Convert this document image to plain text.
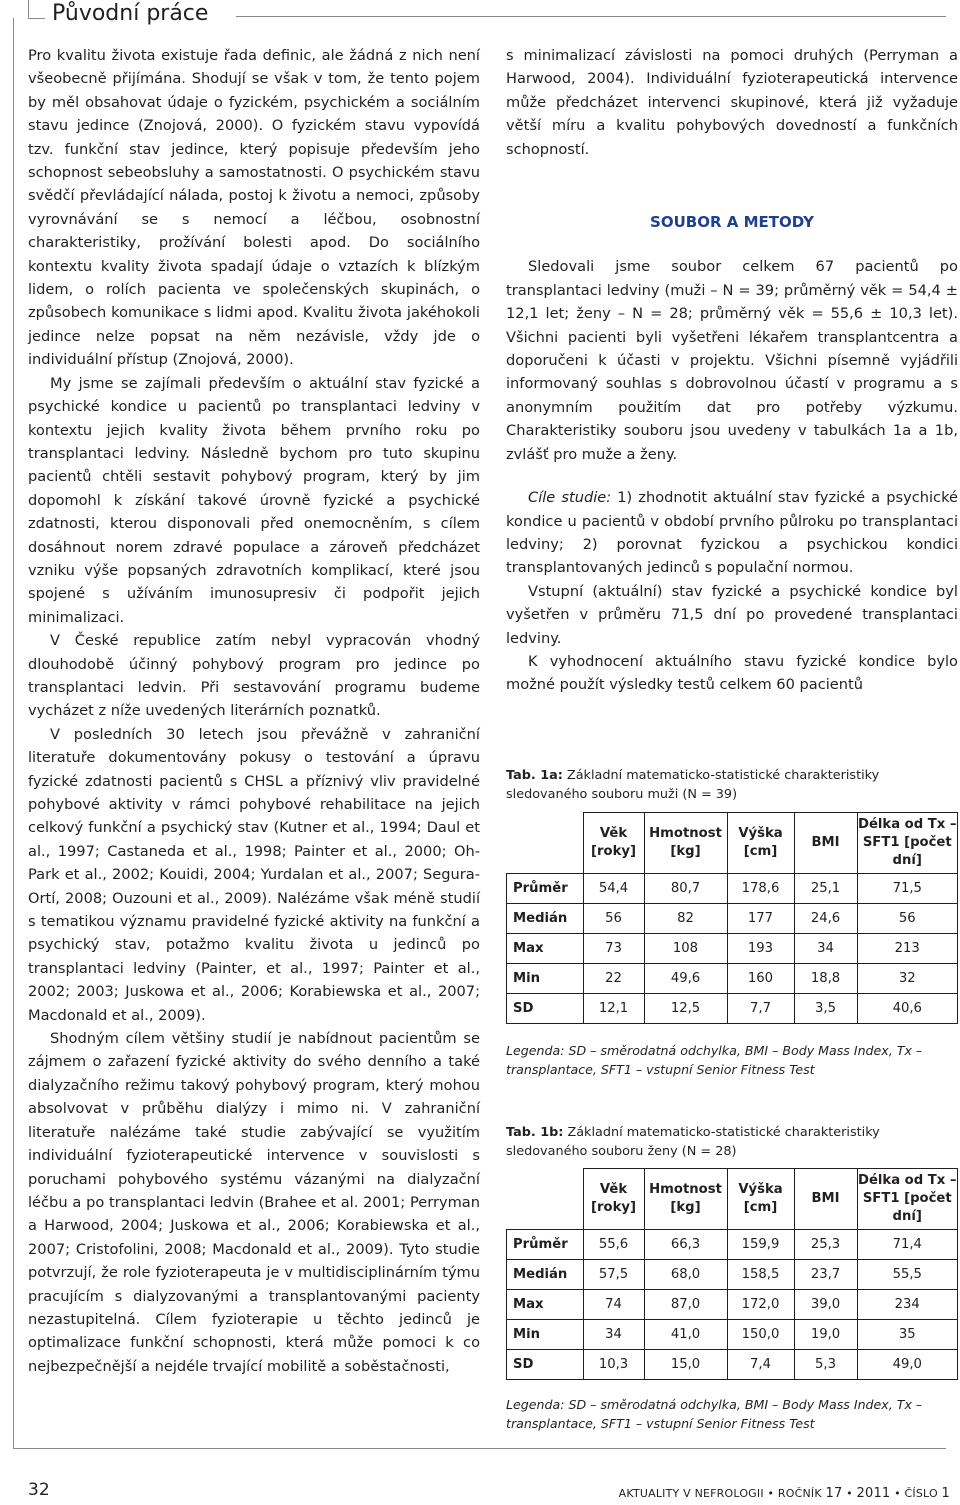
Původní práce

Pro kvalitu života existuje řada definic, ale žádná z nich není všeobecně přijímána. Shodují se však v tom, že tento pojem by měl obsahovat údaje o fyzickém, psychickém a sociálním stavu jedince (Znojová, 2000). O fyzickém stavu vypovídá tzv. funkční stav jedince, který popisuje především jeho schopnost sebeobsluhy a samostatnosti. O psychickém stavu svědčí převládající nálada, postoj k životu a nemoci, způsoby vyrovnávání se s nemocí a léčbou, osobnostní charakteristiky, prožívání bolesti apod. Do sociálního kontextu kvality života spadají údaje o vztazích k blízkým lidem, o rolích pacienta ve společenských skupinách, o způsobech komunikace s lidmi apod. Kvalitu života jakéhokoli jedince nelze popsat na něm nezávisle, vždy jde o individuální přístup (Znojová, 2000).

My jsme se zajímali především o aktuální stav fyzické a psychické kondice u pacientů po transplantaci ledviny v kontextu jejich kvality života během prvního roku po transplantaci ledviny. Následně bychom pro tuto skupinu pacientů chtěli sestavit pohybový program, který by jim dopomohl k získání takové úrovně fyzické a psychické zdatnosti, kterou disponovali před onemocněním, s cílem dosáhnout norem zdravé populace a zároveň předcházet vzniku výše popsaných zdravotních komplikací, které jsou spojené s užíváním imunosupresiv či podpořit jejich minimalizaci.

V České republice zatím nebyl vypracován vhodný dlouhodobě účinný pohybový program pro jedince po transplantaci ledvin. Při sestavování programu budeme vycházet z níže uvedených literárních poznatků.

V posledních 30 letech jsou převážně v zahraniční literatuře dokumentovány pokusy o testování a úpravu fyzické zdatnosti pacientů s CHSL a příznivý vliv pravidelné pohybové aktivity v rámci pohybové rehabilitace na jejich celkový funkční a psychický stav (Kutner et al., 1994; Daul et al., 1997; Castaneda et al., 1998; Painter et al., 2000; Oh-Park et al., 2002; Kouidi, 2004; Yurdalan et al., 2007; Segura-Ortí, 2008; Ouzouni et al., 2009). Nalézáme však méně studií s tematikou významu pravidelné fyzické aktivity na funkční a psychický stav, potažmo kvalitu života u jedinců po transplantaci ledviny (Painter, et al., 1997; Painter et al., 2002; 2003; Juskowa et al., 2006; Korabiewska et al., 2007; Macdonald et al., 2009).

Shodným cílem většiny studií je nabídnout pacientům se zájmem o zařazení fyzické aktivity do svého denního a také dialyzačního režimu takový pohybový program, který mohou absolvovat v průběhu dialýzy i mimo ni. V zahraniční literatuře nalézáme také studie zabývající se využitím individuální fyzioterapeutické intervence v souvislosti s poruchami pohybového systému vázanými na dialyzační léčbu a po transplantaci ledvin (Brahee et al. 2001; Perryman a Harwood, 2004; Juskowa et al., 2006; Korabiewska et al., 2007; Cristofolini, 2008; Macdonald et al., 2009). Tyto studie potvrzují, že role fyzioterapeuta je v multidisciplinárním týmu pracujícím s dialyzovanými a transplantovanými pacienty nezastupitelná. Cílem fyzioterapie u těchto jedinců je optimalizace funkční schopnosti, která může pomoci k co nejbezpečnější a nejdéle trvající mobilitě a soběstačnosti,

s minimalizací závislosti na pomoci druhých (Perryman a Harwood, 2004). Individuální fyzioterapeutická intervence může předcházet intervenci skupinové, která již vyžaduje větší míru a kvalitu pohybových dovedností a funkčních schopností.

SOUBOR A METODY

Sledovali jsme soubor celkem 67 pacientů po transplantaci ledviny (muži – N = 39; průměrný věk = 54,4 ± 12,1 let; ženy – N = 28; průměrný věk = 55,6 ± 10,3 let). Všichni pacienti byli vyšetřeni lékařem transplantcentra a doporučeni k účasti v projektu. Všichni písemně vyjádřili informovaný souhlas s dobrovolnou účastí v programu a s anonymním použitím dat pro potřeby výzkumu. Charakteristiky souboru jsou uvedeny v tabulkách 1a a 1b, zvlášť pro muže a ženy.

Cíle studie: 1) zhodnotit aktuální stav fyzické a psychické kondice u pacientů v období prvního půlroku po transplantaci ledviny; 2) porovnat fyzickou a psychickou kondici transplantovaných jedinců s populační normou.

Vstupní (aktuální) stav fyzické a psychické kondice byl vyšetřen v průměru 71,5 dní po provedené transplantaci ledviny.

K vyhodnocení aktuálního stavu fyzické kondice bylo možné použít výsledky testů celkem 60 pacientů

Tab. 1a: Základní matematicko-statistické charakteristiky sledovaného souboru muži (N = 39)
	Věk [roky]	Hmotnost [kg]	Výška [cm]	BMI	Délka od Tx – SFT1 [počet dní]
Průměr	54,4	80,7	178,6	25,1	71,5
Medián	56	82	177	24,6	56
Max	73	108	193	34	213
Min	22	49,6	160	18,8	32
SD	12,1	12,5	7,7	3,5	40,6
Legenda: SD – směrodatná odchylka, BMI – Body Mass Index, Tx – transplantace, SFT1 – vstupní Senior Fitness Test
Tab. 1b: Základní matematicko-statistické charakteristiky sledovaného souboru ženy (N = 28)
	Věk [roky]	Hmotnost [kg]	Výška [cm]	BMI	Délka od Tx – SFT1 [počet dní]
Průměr	55,6	66,3	159,9	25,3	71,4
Medián	57,5	68,0	158,5	23,7	55,5
Max	74	87,0	172,0	39,0	234
Min	34	41,0	150,0	19,0	35
SD	10,3	15,0	7,4	5,3	49,0
Legenda: SD – směrodatná odchylka, BMI – Body Mass Index, Tx – transplantace, SFT1 – vstupní Senior Fitness Test
32	AKTUALITY V NEFROLOGII • ROČNÍK 17 • 2011 • ČÍSLO 1
